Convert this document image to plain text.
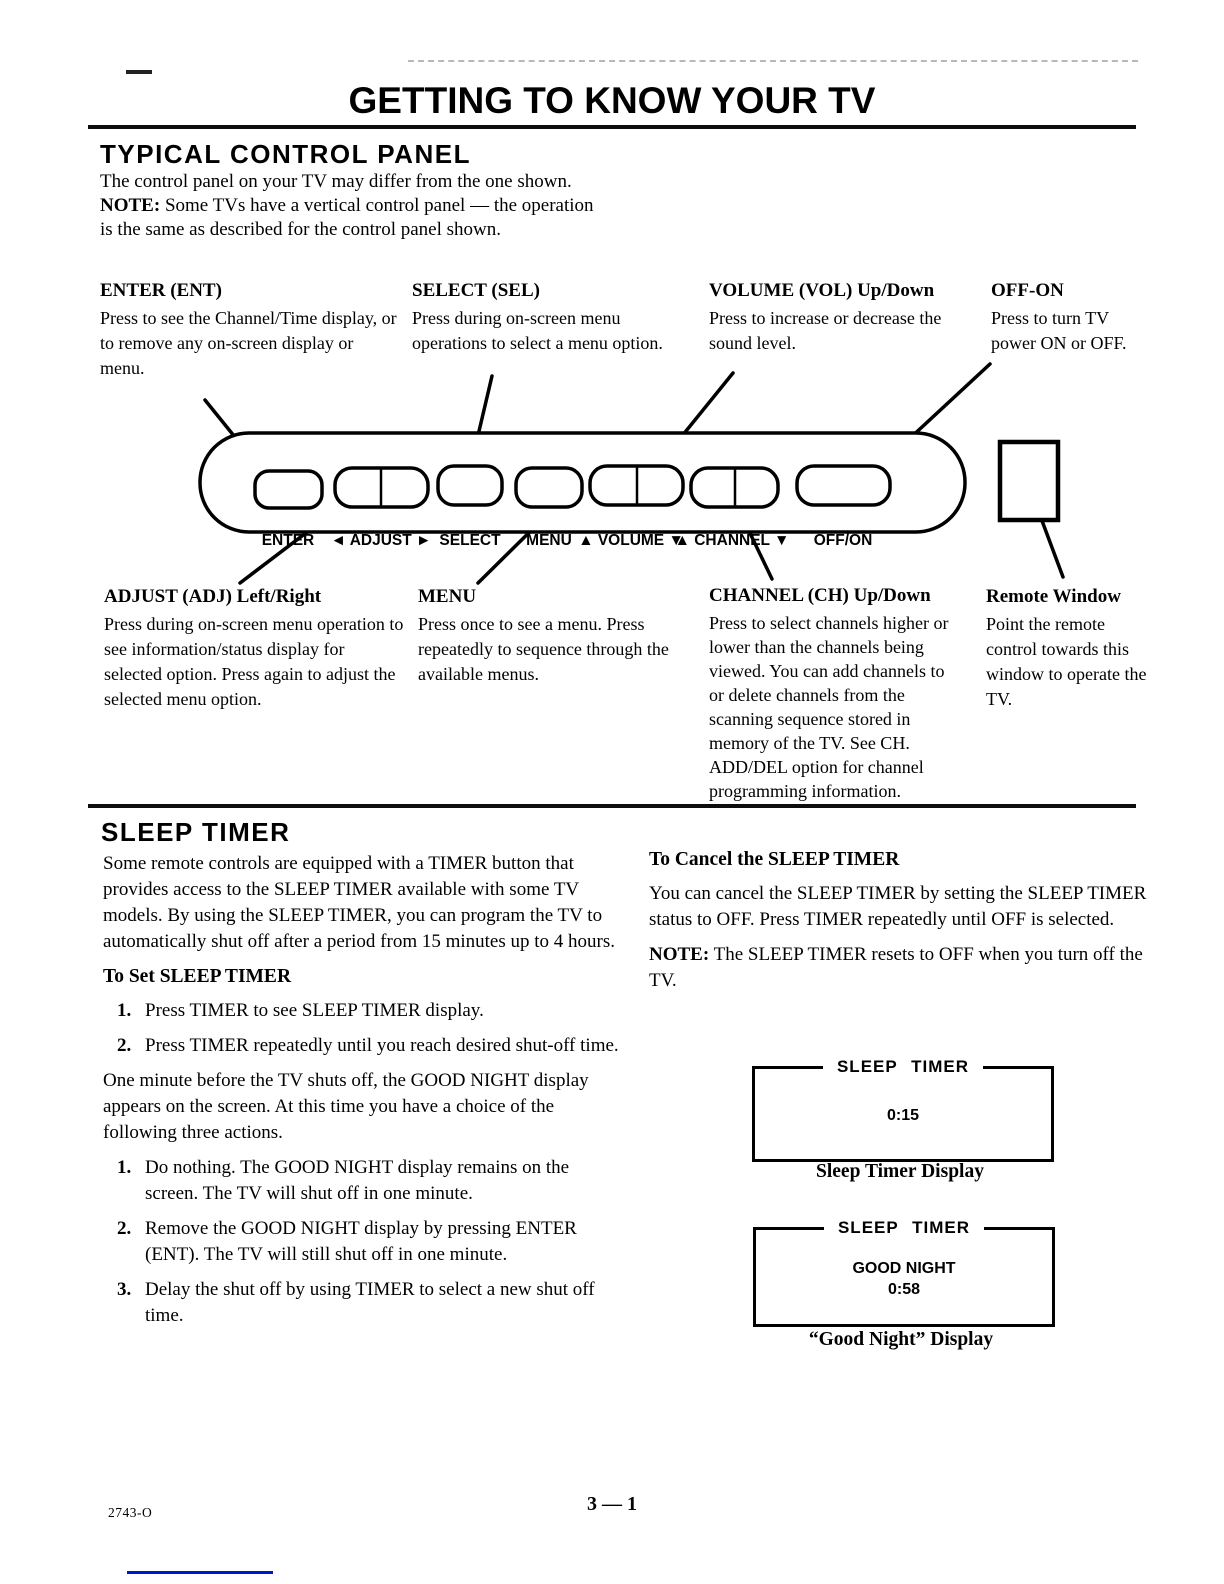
GETTING TO KNOW YOUR TV
TYPICAL CONTROL PANEL

The control panel on your TV may differ from the one shown.

NOTE: Some TVs have a vertical control panel — the operation is the same as described for the control panel shown.

ENTER (ENT)
Press to see the Channel/Time display, or to remove any on-screen display or menu.
SELECT (SEL)
Press during on-screen menu operations to select a menu option.
VOLUME (VOL) Up/Down
Press to increase or decrease the sound level.
OFF-ON
Press to turn TV power ON or OFF.
ENTER ◄ ADJUST ► SELECT MENU ▲ VOLUME ▼
▲ CHANNEL ▼ OFF/ON
ADJUST (ADJ) Left/Right
Press during on-screen menu operation to see information/status display for selected option. Press again to adjust the selected menu option.
MENU
Press once to see a menu. Press repeatedly to sequence through the available menus.
CHANNEL (CH) Up/Down
Press to select channels higher or lower than the channels being viewed. You can add channels to or delete channels from the scanning sequence stored in memory of the TV. See CH. ADD/DEL option for channel programming information.
Remote Window
Point the remote control towards this window to operate the TV.
SLEEP TIMER

Some remote controls are equipped with a TIMER button that provides access to the SLEEP TIMER available with some TV models. By using the SLEEP TIMER, you can program the TV to automatically shut off after a period from 15 minutes up to 4 hours.

To Set SLEEP TIMER
1. Press TIMER to see SLEEP TIMER display.
2. Press TIMER repeatedly until you reach desired shut-off time.

One minute before the TV shuts off, the GOOD NIGHT display appears on the screen. At this time you have a choice of the following three actions.

1. Do nothing. The GOOD NIGHT display remains on the screen. The TV will shut off in one minute.
2. Remove the GOOD NIGHT display by pressing ENTER (ENT). The TV will still shut off in one minute.
3. Delay the shut off by using TIMER to select a new shut off time.
To Cancel the SLEEP TIMER

You can cancel the SLEEP TIMER by setting the SLEEP TIMER status to OFF. Press TIMER repeatedly until OFF is selected.

NOTE: The SLEEP TIMER resets to OFF when you turn off the TV.

SLEEP TIMER
0:15
Sleep Timer Display
SLEEP TIMER
GOOD NIGHT
0:58
“Good Night” Display
2743-O	3 — 1
